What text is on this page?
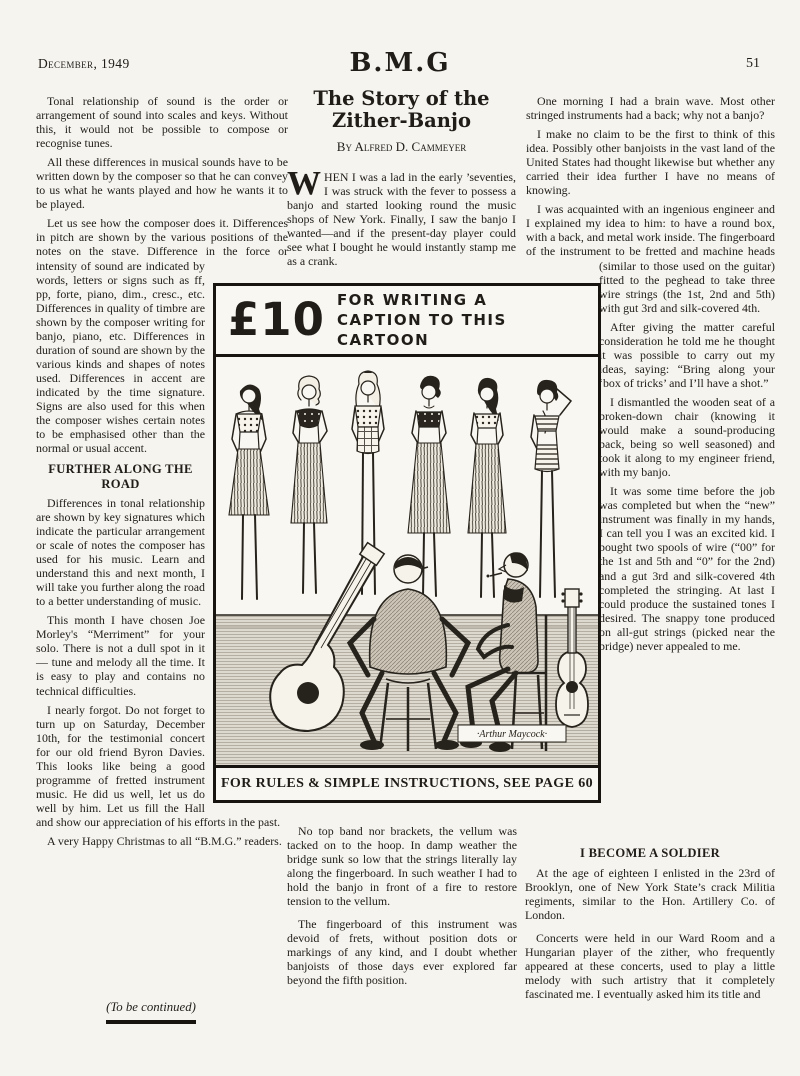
December, 1949	B.M.G	51

Tonal relationship of sound is the order or arrangement of sound into scales and keys. Without this, it would not be possible to compose or recognise tunes.

All these differences in musical sounds have to be written down by the composer so that he can convey to us what he wants played and how he wants it to be played.

Let us see how the composer does it. Differences in pitch are shown by the various positions of the notes on the stave. Difference in the force or intensity of sound are indicated by words, letters or signs such as ff, pp, forte, piano, dim., cresc., etc. Differences in quality of timbre are shown by the composer writing for banjo, piano, etc. Differences in duration of sound are shown by the various kinds and shapes of notes used. Differences in accent are indicated by the time signature. Signs are also used for this when the composer wishes certain notes to be emphasised other than the normal or usual accent.

FURTHER ALONG THE ROAD

Differences in tonal relationship are shown by key signatures which indicate the particular arrangement or scale of notes the composer has used for his music. Learn and understand this and next month, I will take you further along the road to a better understanding of music.

This month I have chosen Joe Morley's “Merriment” for your solo. There is not a dull spot in it — tune and melody all the time. It is easy to play and contains no technical difficulties.

I nearly forgot. Do not forget to turn up on Saturday, December 10th, for the testimonial concert for our old friend Byron Davies. This looks like being a good programme of fretted instrument music. He did us well, let us do well by him. Let us fill the Hall and show our appreciation of his efforts in the past.

A very Happy Christmas to all “B.M.G.” readers.

(To be continued)

The Story of the Zither-Banjo
By Alfred D. Cammeyer

WHEN I was a lad in the early ’seventies, I was struck with the fever to possess a banjo and started looking round the music shops of New York. Finally, I saw the banjo I wanted—and if the present-day player could see what I bought he would instantly stamp me as a crank.

£10 FOR WRITING A
CAPTION TO THIS CARTOON
·Arthur Maycock·
FOR RULES & SIMPLE INSTRUCTIONS, SEE PAGE 60

No top band nor brackets, the vellum was tacked on to the hoop. In damp weather the bridge sunk so low that the strings literally lay along the fingerboard. In such weather I had to hold the banjo in front of a fire to restore tension to the vellum.

The fingerboard of this instrument was devoid of frets, without position dots or markings of any kind, and I doubt whether banjoists of those days ever explored far beyond the fifth position.

One morning I had a brain wave. Most other stringed instruments had a back; why not a banjo?

I make no claim to be the first to think of this idea. Possibly other banjoists in the vast land of the United States had thought likewise but whether any carried their idea further I have no means of knowing.

I was acquainted with an ingenious engineer and I explained my idea to him: to have a round box, with a back, and metal work inside. The fingerboard of the instrument to be fretted and machine heads (similar to those used on the guitar) fitted to the peghead to take three wire strings (the 1st, 2nd and 5th) with gut 3rd and silk-covered 4th.

After giving the matter careful consideration he told me he thought it was possible to carry out my ideas, saying: “Bring along your ‘box of tricks’ and I’ll have a shot.”

I dismantled the wooden seat of a broken-down chair (knowing it would make a sound-producing back, being so well seasoned) and took it along to my engineer friend, with my banjo.

It was some time before the job was completed but when the “new” instrument was finally in my hands, I can tell you I was an excited kid. I bought two spools of wire (“00” for the 1st and 5th and “0” for the 2nd) and a gut 3rd and silk-covered 4th completed the stringing. At last I could produce the sustained tones I desired. The snappy tone produced on all-gut strings (picked near the bridge) never appealed to me.

I BECOME A SOLDIER

At the age of eighteen I enlisted in the 23rd of Brooklyn, one of New York State’s crack Militia regiments, similar to the Hon. Artillery Co. of London.

Concerts were held in our Ward Room and a Hungarian player of the zither, who frequently appeared at these concerts, used to play a little melody with such artistry that it completely fascinated me. I eventually asked him its title and
